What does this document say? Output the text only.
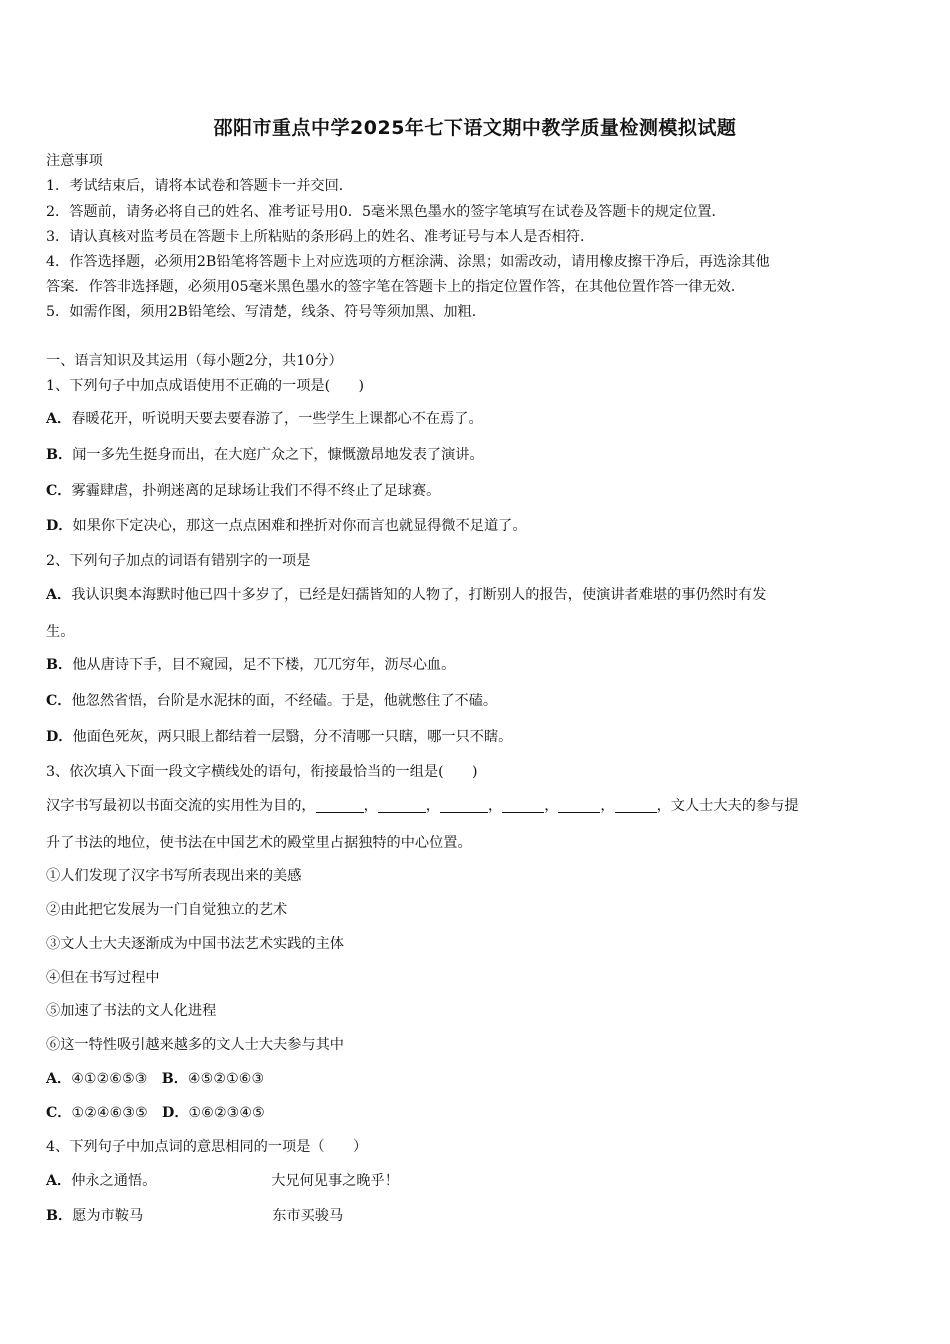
邵阳市重点中学2025年七下语文期中教学质量检测模拟试题
注意事项
1．考试结束后，请将本试卷和答题卡一并交回．
2．答题前，请务必将自己的姓名、准考证号用0．5毫米黑色墨水的签字笔填写在试卷及答题卡的规定位置．
3．请认真核对监考员在答题卡上所粘贴的条形码上的姓名、准考证号与本人是否相符．
4．作答选择题，必须用2B铅笔将答题卡上对应选项的方框涂满、涂黑；如需改动，请用橡皮擦干净后，再选涂其他
答案．作答非选择题，必须用05毫米黑色墨水的签字笔在答题卡上的指定位置作答，在其他位置作答一律无效．
5．如需作图，须用2B铅笔绘、写清楚，线条、符号等须加黑、加粗．
一、语言知识及其运用（每小题2分，共10分）
1、下列句子中加点成语使用不正确的一项是(　　)
A．春暖花开，听说明天要去要春游了，一些学生上课都心不在焉了。
B．闻一多先生挺身而出，在大庭广众之下，慷慨激昂地发表了演讲。
C．雾霾肆虐，扑朔迷离的足球场让我们不得不终止了足球赛。
D．如果你下定决心，那这一点点困难和挫折对你而言也就显得微不足道了。
2、下列句子加点的词语有错别字的一项是
A．我认识奥本海默时他已四十多岁了，已经是妇孺皆知的人物了，打断别人的报告，使演讲者难堪的事仍然时有发
生。
B．他从唐诗下手，目不窥园，足不下楼，兀兀穷年，沥尽心血。
C．他忽然省悟，台阶是水泥抹的面，不经磕。于是，他就憋住了不磕。
D．他面色死灰，两只眼上都结着一层翳，分不清哪一只瞎，哪一只不瞎。
3、依次填入下面一段文字横线处的语句，衔接最恰当的一组是(　　)
汉字书写最初以书面交流的实用性为目的，	，	，	，	，	，	，文人士大夫的参与提
升了书法的地位，使书法在中国艺术的殿堂里占据独特的中心位置。
①人们发现了汉字书写所表现出来的美感
②由此把它发展为一门自觉独立的艺术
③文人士大夫逐渐成为中国书法艺术实践的主体
④但在书写过程中
⑤加速了书法的文人化进程
⑥这一特性吸引越来越多的文人士大夫参与其中
A．④①②⑥⑤③　 B．④⑤②①⑥③
C．①②④⑥③⑤　 D．①⑥②③④⑤
4、下列句子中加点词的意思相同的一项是（　　）
A．仲永之通悟。	大兄何见事之晚乎！
B．愿为市鞍马	东市买骏马
